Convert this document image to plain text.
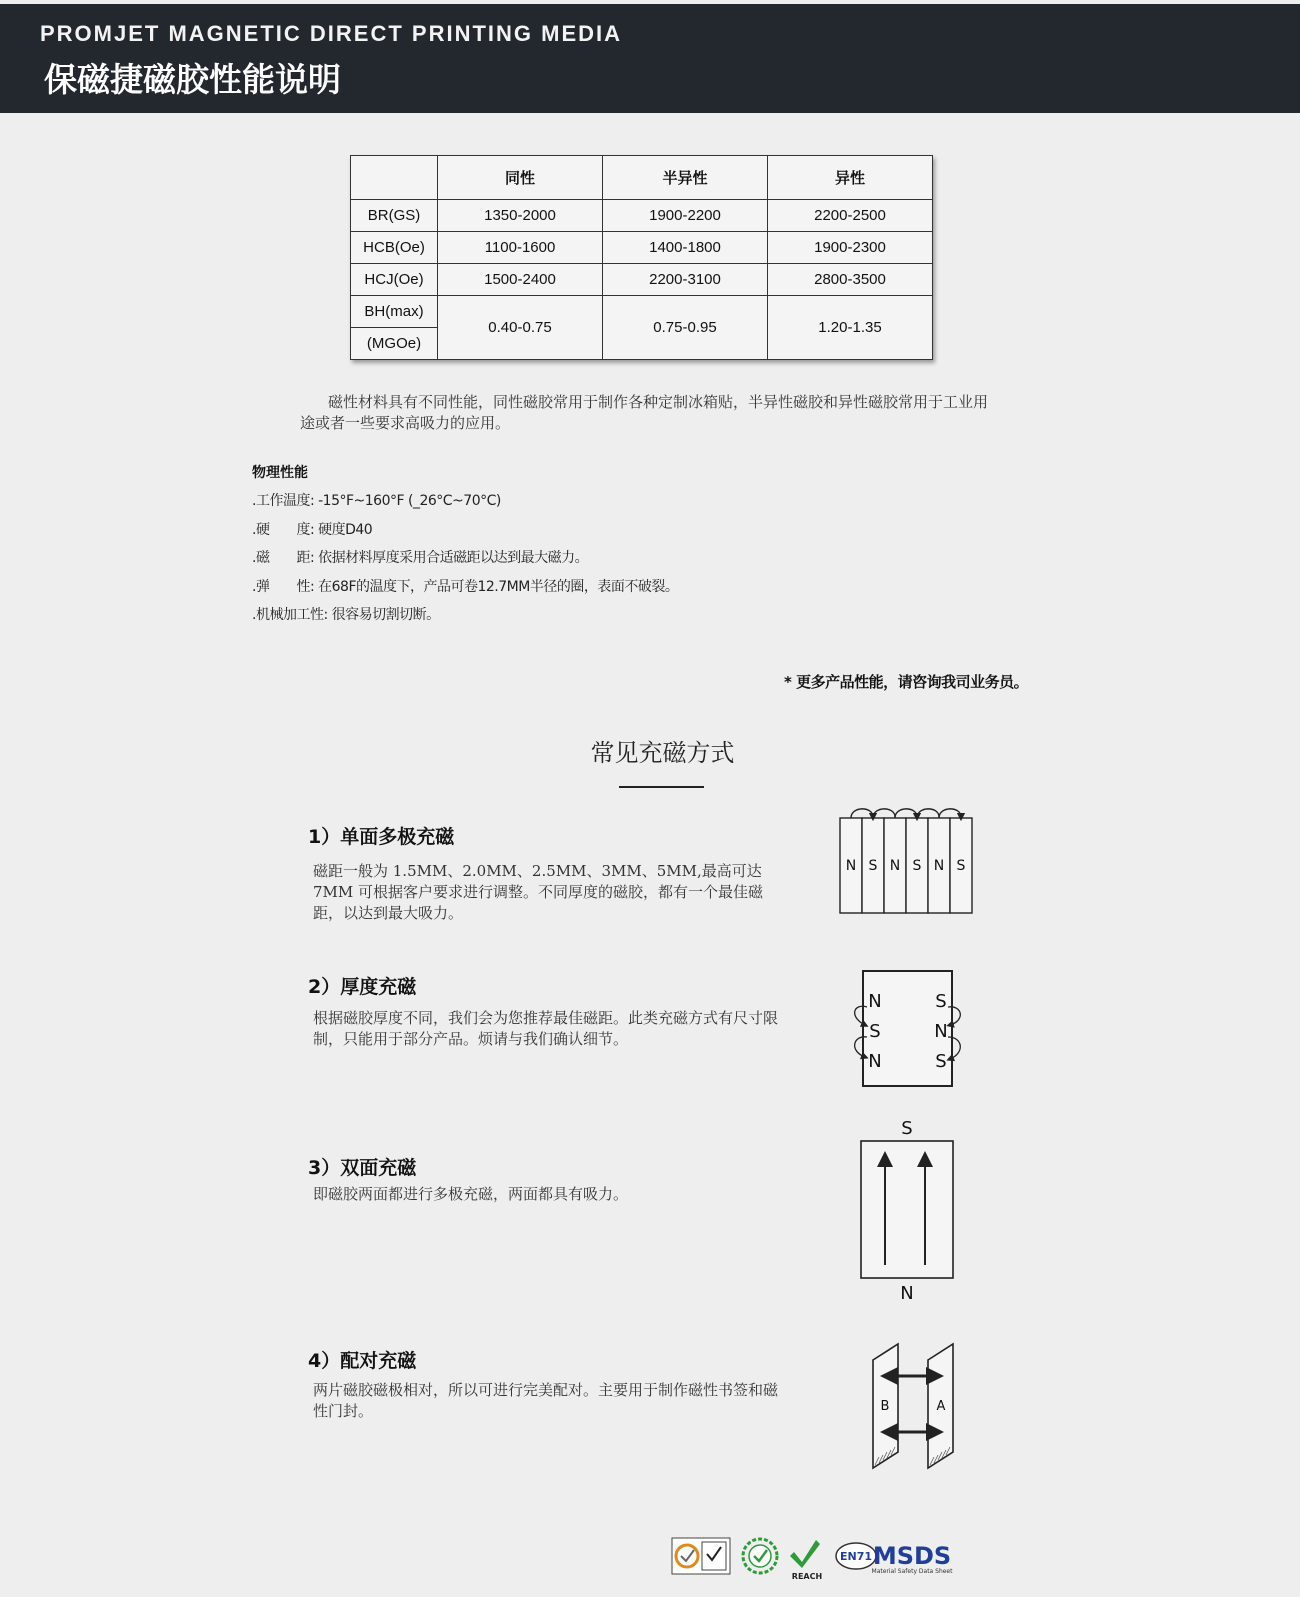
PROMJET MAGNETIC DIRECT PRINTING MEDIA
保磁捷磁胶性能说明
	同性	半异性	异性
BR(GS)	1350-2000	1900-2200	2200-2500
HCB(Oe)	1100-1600	1400-1800	1900-2300
HCJ(Oe)	1500-2400	2200-3100	2800-3500
BH(max)	0.40-0.75	0.75-0.95	1.20-1.35
(MGOe)			
磁性材料具有不同性能，同性磁胶常用于制作各种定制冰箱贴，半异性磁胶和异性磁胶常用于工业用途或者一些要求高吸力的应用。
物理性能
.工作温度: -15°F~160°F (_26°C~70°C)
.硬　　度: 硬度D40
.磁　　距: 依据材料厚度采用合适磁距以达到最大磁力。
.弹　　性: 在68F的温度下，产品可卷12.7MM半径的圈，表面不破裂。
.机械加工性: 很容易切割切断。
* 更多产品性能，请咨询我司业务员。
常见充磁方式
1）单面多极充磁
磁距一般为 1.5MM、2.0MM、2.5MM、3MM、5MM,最高可达7MM 可根据客户要求进行调整。不同厚度的磁胶，都有一个最佳磁距，以达到最大吸力。
N S N S N S
2）厚度充磁
根据磁胶厚度不同，我们会为您推荐最佳磁距。此类充磁方式有尺寸限制，只能用于部分产品。烦请与我们确认细节。
N
S
N
S
N
S
3）双面充磁
即磁胶两面都进行多极充磁，两面都具有吸力。
S
N
4）配对充磁
两片磁胶磁极相对，所以可进行完美配对。主要用于制作磁性书签和磁性门封。	B	A
REACH
EN71 MSDS
Material Safety Data Sheet
